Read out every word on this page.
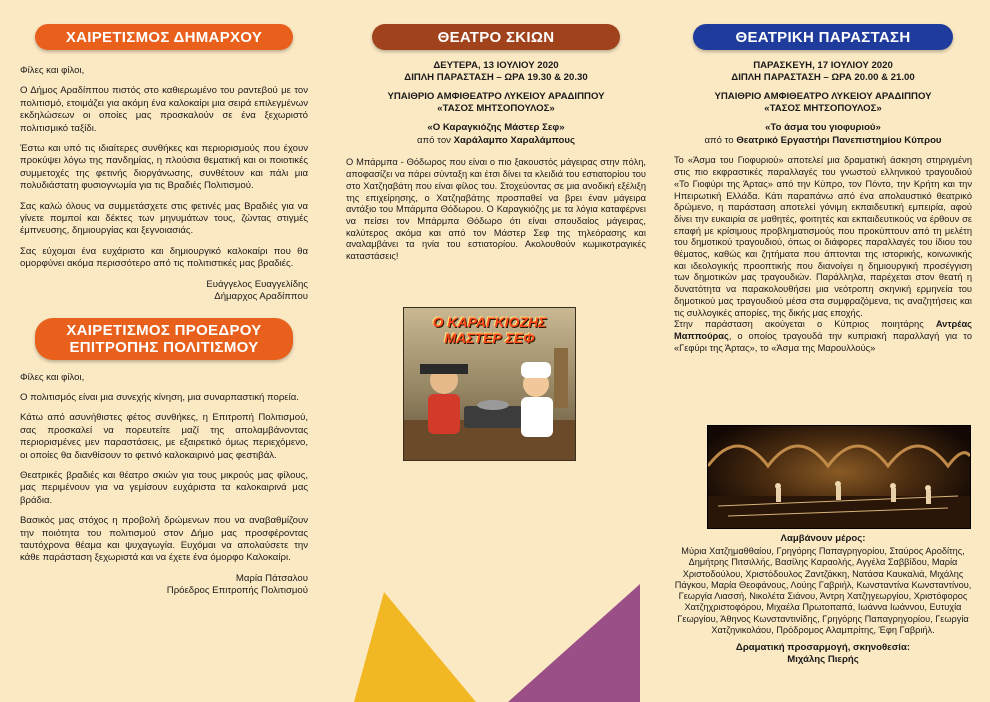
ΧΑΙΡΕΤΙΣΜΟΣ ΔΗΜΑΡΧΟΥ

Φίλες και φίλοι,

Ο Δήμος Αραδίππου πιστός στο καθιερωμένο του ραντεβού με τον πολιτισμό, ετοιμάζει για ακόμη ένα καλοκαίρι μια σειρά επιλεγμένων εκδηλώσεων οι οποίες μας προσκαλούν σε ένα ξεχωριστό πολιτισμικό ταξίδι.

Έστω και υπό τις ιδιαίτερες συνθήκες και περιορισμούς που έχουν προκύψει λόγω της πανδημίας, η πλούσια θεματική και οι ποιοτικές συμμετοχές της φετινής διοργάνωσης, συνθέτουν και πάλι μια πολυδιάστατη φυσιογνωμία για τις Βραδιές Πολιτισμού.

Σας καλώ όλους να συμμετάσχετε στις φετινές μας Βραδιές για να γίνετε πομποί και δέκτες των μηνυμάτων τους, ζώντας στιγμές έμπνευσης, δημιουργίας και ξεγνοιασιάς.

Σας εύχομαι ένα ευχάριστο και δημιουργικό καλοκαίρι που θα ομορφύνει ακόμα περισσότερο από τις πολιτιστικές μας βραδιές.

Ευάγγελος Ευαγγελίδης
Δήμαρχος Αραδίππου
ΧΑΙΡΕΤΙΣΜΟΣ ΠΡΟΕΔΡΟΥ
ΕΠΙΤΡΟΠΗΣ ΠΟΛΙΤΙΣΜΟΥ

Φίλες και φίλοι,

Ο πολιτισμός είναι μια συνεχής κίνηση, μια συναρπαστική πορεία.

Κάτω από ασυνήθιστες φέτος συνθήκες, η Επιτροπή Πολιτισμού, σας προσκαλεί να πορευτείτε μαζί της απολαμβάνοντας περιορισμένες μεν παραστάσεις, με εξαιρετικό όμως περιεχόμενο, οι οποίες θα διανθίσουν το φετινό καλοκαιρινό μας φεστιβάλ.

Θεατρικές βραδιές και θέατρο σκιών για τους μικρούς μας φίλους, μας περιμένουν για να γεμίσουν ευχάριστα τα καλοκαιρινά μας βράδια.

Βασικός μας στόχος η προβολή δρώμενων που να αναβαθμίζουν την ποιότητα του πολιτισμού στον Δήμο μας προσφέροντας ταυτόχρονα θέαμα και ψυχαγωγία. Ευχόμαι να απολαύσετε την κάθε παράσταση ξεχωριστά και να έχετε ένα όμορφο Καλοκαίρι.

Μαρία Πάτσαλου
Πρόεδρος Επιτροπής Πολιτισμού
ΘΕΑΤΡΟ ΣΚΙΩΝ
ΔΕΥΤΕΡΑ, 13 ΙΟΥΛΙΟΥ 2020
ΔΙΠΛΗ ΠΑΡΑΣΤΑΣΗ – ΩΡΑ 19.30 & 20.30
ΥΠΑΙΘΡΙΟ ΑΜΦΙΘΕΑΤΡΟ ΛΥΚΕΙΟΥ ΑΡΑΔΙΠΠΟΥ
«ΤΑΣΟΣ ΜΗΤΣΟΠΟΥΛΟΣ»
«Ο Καραγκιόζης Μάστερ Σεφ»

από τον Χαράλαμπο Χαραλάμπους

Ο Μπάρμπα - Θόδωρος που είναι ο πιο ξακουστός μάγειρας στην πόλη, αποφασίζει να πάρει σύνταξη και έτσι δίνει τα κλειδιά του εστιατορίου του στο Χατζηαβάτη που είναι φίλος του. Στοχεύοντας σε μια ανοδική εξέλιξη της επιχείρησης, ο Χατζηαβάτης προσπαθεί να βρει έναν μάγειρα αντάξιο του Μπάρμπα Θόδωρου. Ο Καραγκιόζης με τα λόγια καταφέρνει να πείσει τον Μπάρμπα Θόδωρο ότι είναι σπουδαίος μάγειρας, καλύτερος ακόμα και από τον Μάστερ Σεφ της τηλεόρασης και αναλαμβάνει τα ηνία του εστιατορίου. Ακολουθούν κωμικοτραγικές καταστάσεις!

Ο ΚΑΡΑΓΚΙΟΖΗΣ
ΜΑΣΤΕΡ ΣΕΦ
ΘΕΑΤΡΙΚΗ ΠΑΡΑΣΤΑΣΗ
ΠΑΡΑΣΚΕΥΗ, 17 ΙΟΥΛΙΟΥ 2020
ΔΙΠΛΗ ΠΑΡΑΣΤΑΣΗ – ΩΡΑ 20.00 & 21.00
ΥΠΑΙΘΡΙΟ ΑΜΦΙΘΕΑΤΡΟ ΛΥΚΕΙΟΥ ΑΡΑΔΙΠΠΟΥ
«ΤΑΣΟΣ ΜΗΤΣΟΠΟΥΛΟΣ»
«Το άσμα του γιοφυριού»

από το Θεατρικό Εργαστήρι Πανεπιστημίου Κύπρου

Το «Άσμα του Γιοφυριού» αποτελεί μια δραματική άσκηση στηριγμένη στις πιο εκφραστικές παραλλαγές του γνωστού ελληνικού τραγουδιού «Το Γιοφύρι της Άρτας» από την Κύπρο, τον Πόντο, την Κρήτη και την Ηπειρωτική Ελλάδα. Κάτι παραπάνω από ένα απολαυστικό θεατρικό δρώμενο, η παράσταση αποτελεί γόνιμη εκπαιδευτική εμπειρία, αφού δίνει την ευκαιρία σε μαθητές, φοιτητές και εκπαιδευτικούς να έρθουν σε επαφή με κρίσιμους προβληματισμούς που προκύπτουν από τη μελέτη του δημοτικού τραγουδιού, όπως οι διάφορες παραλλαγές του ίδιου του θέματος, καθώς και ζητήματα που άπτονται της ιστορικής, κοινωνικής και ιδεολογικής προοπτικής που διανοίγει η δημιουργική προσέγγιση των δημοτικών μας τραγουδιών. Παράλληλα, παρέχεται στον θεατή η δυνατότητα να παρακολουθήσει μια νεότροπη σκηνική ερμηνεία του δημοτικού μας τραγουδιού μέσα στα συμφραζόμενα, τις αναζητήσεις και τις συλλογικές απορίες, της δικής μας εποχής.

Στην παράσταση ακούγεται ο Κύπριος ποιητάρης Αντρέας Μαππούρας, ο οποίος τραγουδά την κυπριακή παραλλαγή για το «Γεφύρι της Άρτας», το «Άσμα της Μαρουλλούς»

Λαμβάνουν μέρος:

Μύρια Χατζημαθθαίου, Γρηγόρης Παπαγρηγορίου, Σταύρος Αροδίτης, Δημήτρης Πιτσιλλής, Βασίλης Καραολής, Αγγέλα Σαββίδου, Μαρία Χριστοδούλου, Χριστόδουλος Ζαντζάκκη, Νατάσα Καυκαλιά, Μιχάλης Πάγκου, Μαρία Θεοφάνους, Λούης Γαβριήλ, Κωνσταντίνα Κωνσταντίνου, Γεωργία Λιασσή, Νικολέτα Σιάνου, Άντρη Χατζηγεωργίου, Χριστόφορος Χατζηχριστοφόρου, Μιχαέλα Πρωτοπαπά, Ιωάννα Ιωάννου, Ευτυχία Γεωργίου, Άθηνος Κωνσταντινίδης, Γρηγόρης Παπαγρηγορίου, Γεωργία Χατζηνικολάου, Πρόδρομος Αλαμπρίτης, Έφη Γαβριήλ.

Δραματική προσαρμογή, σκηνοθεσία:
Μιχάλης Πιερής
